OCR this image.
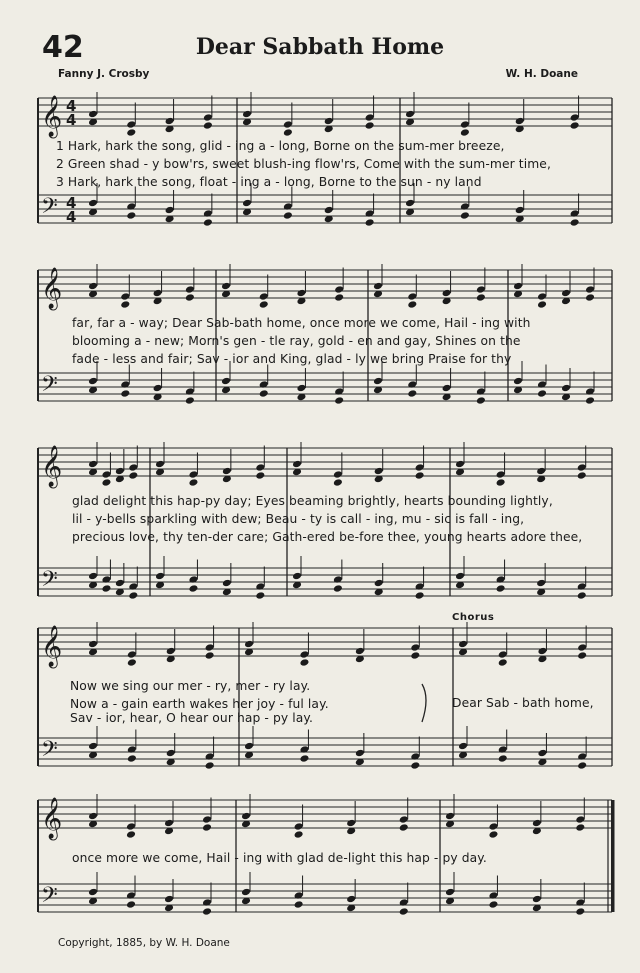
𝄞 4
4
𝄢 4
4
𝄞
𝄢
𝄞
𝄢
𝄞
𝄢
𝄞
𝄢
42	Dear Sabbath Home
Fanny J. Crosby	W. H. Doane
1 Hark, hark the song, glid - ing a - long, Borne on the sum-mer breeze,
2 Green shad - y bow'rs, sweet blush-ing flow'rs, Come with the sum-mer time,
3 Hark, hark the song, float - ing a - long, Borne to the sun - ny land
far, far a - way; Dear Sab-bath home, once more we come, Hail - ing with
blooming a - new; Morn's gen - tle ray, gold - en and gay, Shines on the
fade - less and fair; Sav - ior and King, glad - ly we bring Praise for thy
glad delight this hap-py day; Eyes beaming brightly, hearts bounding lightly,
lil - y-bells sparkling with dew; Beau - ty is call - ing, mu - sic is fall - ing,
precious love, thy ten-der care; Gath-ered be-fore thee, young hearts adore thee,
Chorus
Now we sing our mer - ry, mer - ry lay.
Now a - gain earth wakes her joy - ful lay.
Sav - ior, hear, O hear our hap - py lay.
Dear Sab - bath home,
once more we come, Hail - ing with glad de-light this hap - py day.
Copyright, 1885, by W. H. Doane
